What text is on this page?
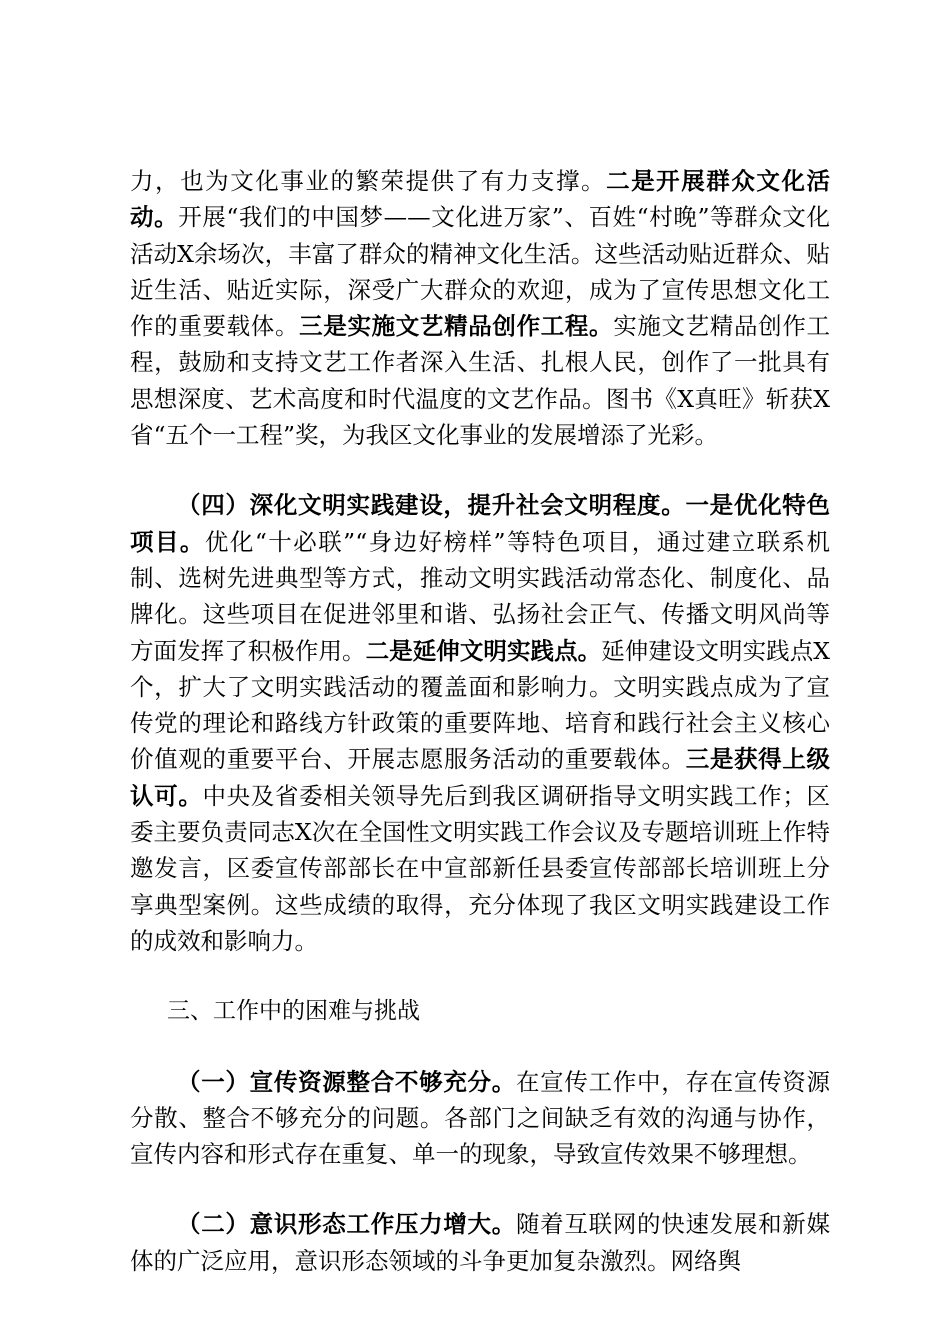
力，也为文化事业的繁荣提供了有力支撑。二是开展群众文化活动。开展“我们的中国梦——文化进万家”、百姓“村晚”等群众文化活动X余场次，丰富了群众的精神文化生活。这些活动贴近群众、贴近生活、贴近实际，深受广大群众的欢迎，成为了宣传思想文化工作的重要载体。三是实施文艺精品创作工程。实施文艺精品创作工程，鼓励和支持文艺工作者深入生活、扎根人民，创作了一批具有思想深度、艺术高度和时代温度的文艺作品。图书《X真旺》斩获X省“五个一工程”奖，为我区文化事业的发展增添了光彩。

（四）深化文明实践建设，提升社会文明程度。一是优化特色项目。优化“十必联”“身边好榜样”等特色项目，通过建立联系机制、选树先进典型等方式，推动文明实践活动常态化、制度化、品牌化。这些项目在促进邻里和谐、弘扬社会正气、传播文明风尚等方面发挥了积极作用。二是延伸文明实践点。延伸建设文明实践点X个，扩大了文明实践活动的覆盖面和影响力。文明实践点成为了宣传党的理论和路线方针政策的重要阵地、培育和践行社会主义核心价值观的重要平台、开展志愿服务活动的重要载体。三是获得上级认可。中央及省委相关领导先后到我区调研指导文明实践工作；区委主要负责同志X次在全国性文明实践工作会议及专题培训班上作特邀发言，区委宣传部部长在中宣部新任县委宣传部部长培训班上分享典型案例。这些成绩的取得，充分体现了我区文明实践建设工作的成效和影响力。

三、工作中的困难与挑战

（一）宣传资源整合不够充分。在宣传工作中，存在宣传资源分散、整合不够充分的问题。各部门之间缺乏有效的沟通与协作，宣传内容和形式存在重复、单一的现象，导致宣传效果不够理想。

（二）意识形态工作压力增大。随着互联网的快速发展和新媒体的广泛应用，意识形态领域的斗争更加复杂激烈。网络舆
